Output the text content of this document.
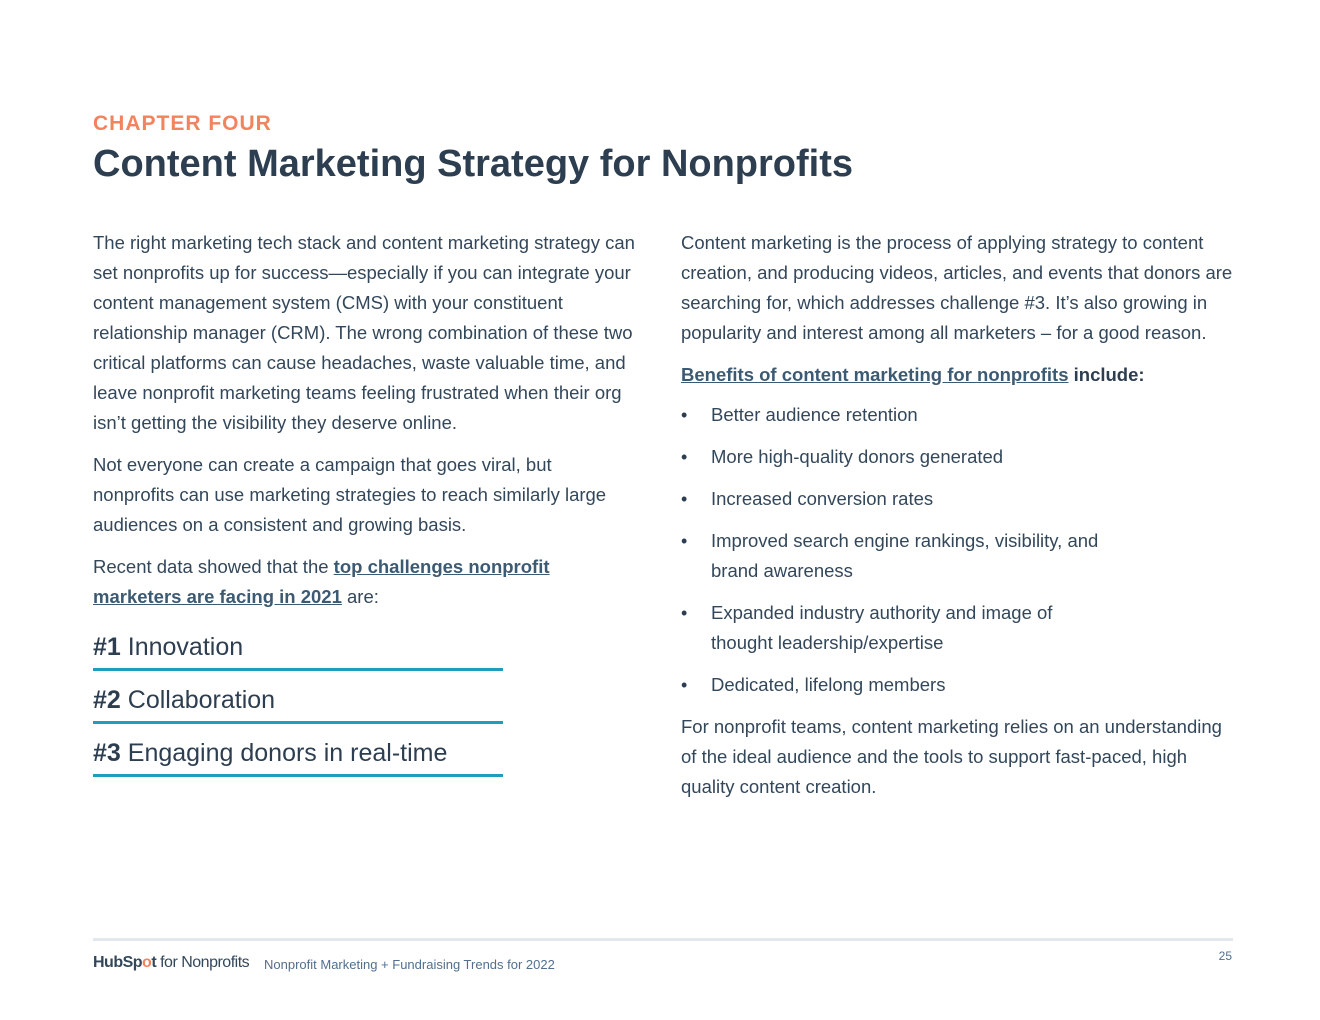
CHAPTER FOUR
Content Marketing Strategy for Nonprofits

The right marketing tech stack and content marketing strategy can set nonprofits up for success—especially if you can integrate your content management system (CMS) with your constituent relationship manager (CRM). The wrong combination of these two critical platforms can cause headaches, waste valuable time, and leave nonprofit marketing teams feeling frustrated when their org isn’t getting the visibility they deserve online.

Not everyone can create a campaign that goes viral, but nonprofits can use marketing strategies to reach similarly large audiences on a consistent and growing basis.

Recent data showed that the top challenges nonprofit marketers are facing in 2021 are:

#1 Innovation
#2 Collaboration
#3 Engaging donors in real-time

Content marketing is the process of applying strategy to content creation, and producing videos, articles, and events that donors are searching for, which addresses challenge #3. It’s also growing in popularity and interest among all marketers – for a good reason.

Benefits of content marketing for nonprofits include:

• Better audience retention
• More high-quality donors generated
• Increased conversion rates
• Improved search engine rankings, visibility, and brand awareness
• Expanded industry authority and image of thought leadership/expertise
• Dedicated, lifelong members

For nonprofit teams, content marketing relies on an understanding of the ideal audience and the tools to support fast-paced, high quality content creation.

HubSpot for Nonprofits Nonprofit Marketing + Fundraising Trends for 2022
25
